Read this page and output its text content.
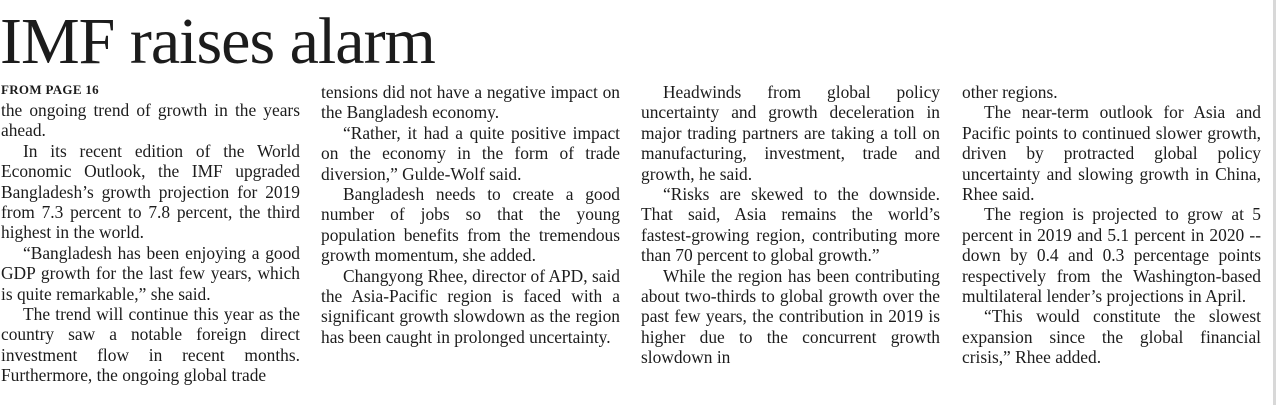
IMF raises alarm
FROM PAGE 16

the ongoing trend of growth in the years ahead.

In its recent edition of the World Economic Outlook, the IMF upgraded Bangladesh’s growth projection for 2019 from 7.3 percent to 7.8 percent, the third highest in the world.

“Bangladesh has been enjoying a good GDP growth for the last few years, which is quite remarkable,” she said.

The trend will continue this year as the country saw a notable foreign direct investment flow in recent months. Furthermore, the ongoing global trade

tensions did not have a negative impact on the Bangladesh economy.

“Rather, it had a quite positive impact on the economy in the form of trade diversion,” Gulde-Wolf said.

Bangladesh needs to create a good number of jobs so that the young population benefits from the tremendous growth momentum, she added.

Changyong Rhee, director of APD, said the Asia-Pacific region is faced with a significant growth slowdown as the region has been caught in prolonged uncertainty.

Headwinds from global policy uncertainty and growth deceleration in major trading partners are taking a toll on manufacturing, investment, trade and growth, he said.

“Risks are skewed to the downside. That said, Asia remains the world’s fastest-growing region, contributing more than 70 percent to global growth.”

While the region has been contributing about two-thirds to global growth over the past few years, the contribution in 2019 is higher due to the concurrent growth slowdown in

other regions.

The near-term outlook for Asia and Pacific points to continued slower growth, driven by protracted global policy uncertainty and slowing growth in China, Rhee said.

The region is projected to grow at 5 percent in 2019 and 5.1 percent in 2020 -- down by 0.4 and 0.3 percentage points respectively from the Washington-based multilateral lender’s projections in April.

“This would constitute the slowest expansion since the global financial crisis,” Rhee added.
